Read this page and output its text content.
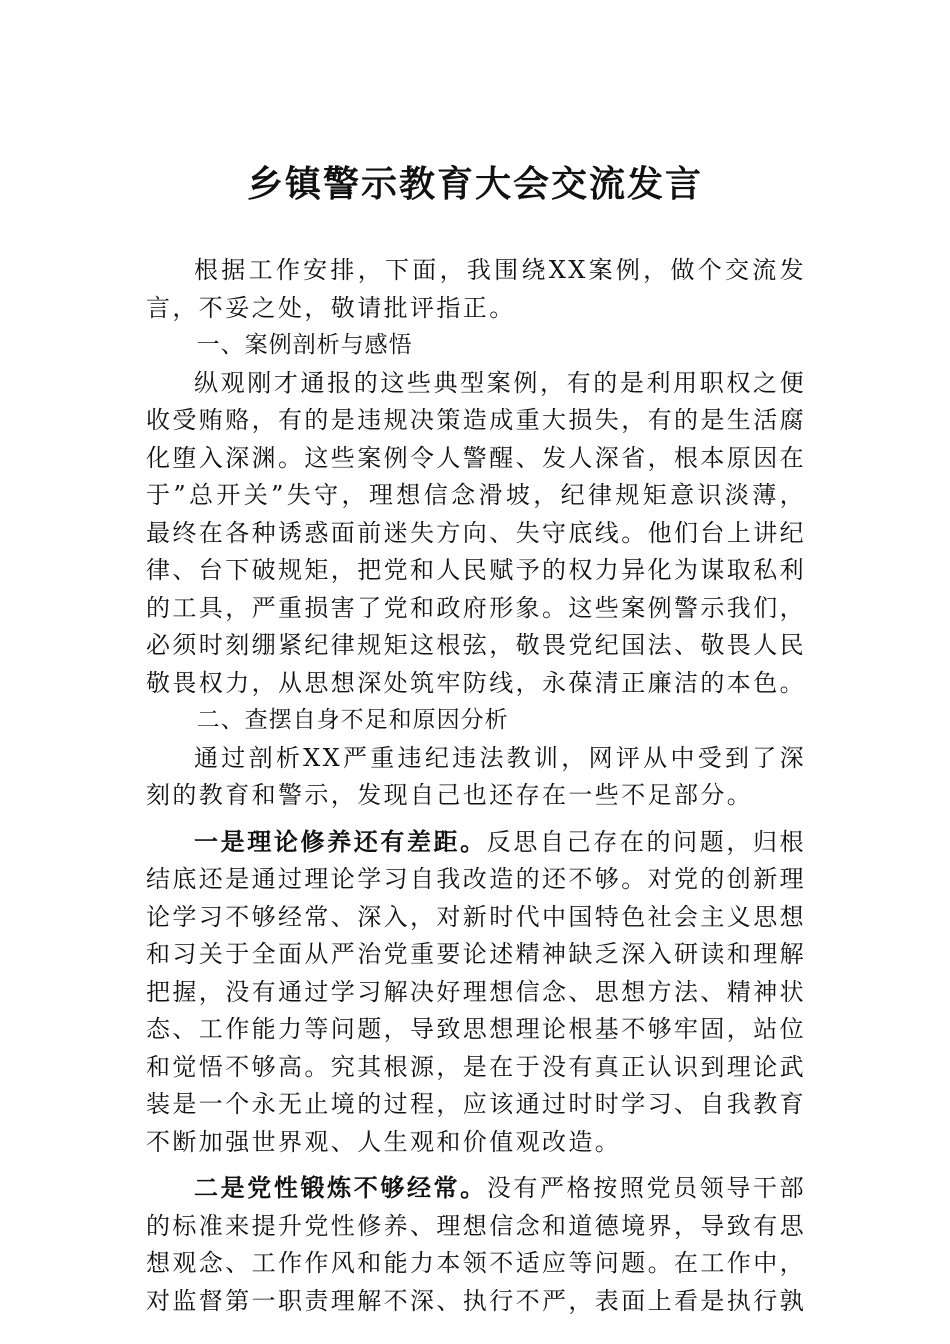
乡镇警示教育大会交流发言

根据工作安排，下面，我围绕XX案例，做个交流发言，不妥之处，敬请批评指正。

一、案例剖析与感悟

纵观刚才通报的这些典型案例，有的是利用职权之便收受贿赂，有的是违规决策造成重大损失，有的是生活腐化堕入深渊。这些案例令人警醒、发人深省，根本原因在于”总开关”失守，理想信念滑坡，纪律规矩意识淡薄，最终在各种诱惑面前迷失方向、失守底线。他们台上讲纪律、台下破规矩，把党和人民赋予的权力异化为谋取私利的工具，严重损害了党和政府形象。这些案例警示我们，必须时刻绷紧纪律规矩这根弦，敬畏党纪国法、敬畏人民敬畏权力，从思想深处筑牢防线，永葆清正廉洁的本色。

二、查摆自身不足和原因分析

通过剖析XX严重违纪违法教训，网评从中受到了深刻的教育和警示，发现自己也还存在一些不足部分。

一是理论修养还有差距。反思自己存在的问题，归根结底还是通过理论学习自我改造的还不够。对党的创新理论学习不够经常、深入，对新时代中国特色社会主义思想和习关于全面从严治党重要论述精神缺乏深入研读和理解把握，没有通过学习解决好理想信念、思想方法、精神状态、工作能力等问题，导致思想理论根基不够牢固，站位和觉悟不够高。究其根源，是在于没有真正认识到理论武装是一个永无止境的过程，应该通过时时学习、自我教育不断加强世界观、人生观和价值观改造。

二是党性锻炼不够经常。没有严格按照党员领导干部的标准来提升党性修养、理想信念和道德境界，导致有思想观念、工作作风和能力本领不适应等问题。在工作中，对监督第一职责理解不深、执行不严，表面上看是执行孰
